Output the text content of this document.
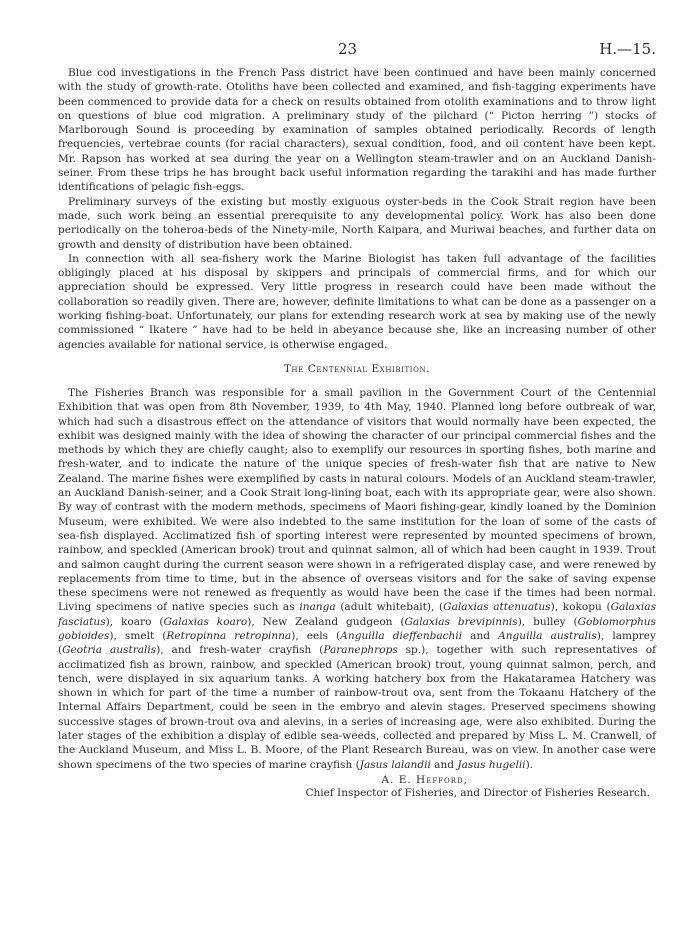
23	H.—15.

Blue cod investigations in the French Pass district have been continued and have been mainly concerned with the study of growth-rate. Otoliths have been collected and examined, and fish-tagging experiments have been commenced to provide data for a check on results obtained from otolith examinations and to throw light on questions of blue cod migration. A preliminary study of the pilchard (“ Picton herring ”) stocks of Marlborough Sound is proceeding by examination of samples obtained periodically. Records of length frequencies, vertebrae counts (for racial characters), sexual condition, food, and oil content have been kept. Mr. Rapson has worked at sea during the year on a Wellington steam-trawler and on an Auckland Danish-seiner. From these trips he has brought back useful information regarding the tarakihi and has made further identifications of pelagic fish-eggs.

Preliminary surveys of the existing but mostly exiguous oyster-beds in the Cook Strait region have been made, such work being an essential prerequisite to any developmental policy. Work has also been done periodically on the toheroa-beds of the Ninety-mile, North Kaipara, and Muriwai beaches, and further data on growth and density of distribution have been obtained.

In connection with all sea-fishery work the Marine Biologist has taken full advantage of the facilities obligingly placed at his disposal by skippers and principals of commercial firms, and for which our appreciation should be expressed. Very little progress in research could have been made without the collaboration so readily given. There are, however, definite limitations to what can be done as a passenger on a working fishing-boat. Unfortunately, our plans for extending research work at sea by making use of the newly commissioned “ Ikatere ” have had to be held in abeyance because she, like an increasing number of other agencies available for national service, is otherwise engaged.

The Centennial Exhibition.

The Fisheries Branch was responsible for a small pavilion in the Government Court of the Centennial Exhibition that was open from 8th November, 1939, to 4th May, 1940. Planned long before outbreak of war, which had such a disastrous effect on the attendance of visitors that would normally have been expected, the exhibit was designed mainly with the idea of showing the character of our principal commercial fishes and the methods by which they are chiefly caught; also to exemplify our resources in sporting fishes, both marine and fresh-water, and to indicate the nature of the unique species of fresh-water fish that are native to New Zealand. The marine fishes were exemplified by casts in natural colours. Models of an Auckland steam-trawler, an Auckland Danish-seiner, and a Cook Strait long-lining boat, each with its appropriate gear, were also shown. By way of contrast with the modern methods, specimens of Maori fishing-gear, kindly loaned by the Dominion Museum, were exhibited. We were also indebted to the same institution for the loan of some of the casts of sea-fish displayed. Acclimatized fish of sporting interest were represented by mounted specimens of brown, rainbow, and speckled (American brook) trout and quinnat salmon, all of which had been caught in 1939. Trout and salmon caught during the current season were shown in a refrigerated display case, and were renewed by replacements from time to time, but in the absence of overseas visitors and for the sake of saving expense these specimens were not renewed as frequently as would have been the case if the times had been normal. Living specimens of native species such as inanga (adult whitebait), (Galaxias attenuatus), kokopu (Galaxias fasciatus), koaro (Galaxias koaro), New Zealand gudgeon (Galaxias brevipinnis), bulley (Gobiomorphus gobioides), smelt (Retropinna retropinna), eels (Anguilla dieffenbachii and Anguilla australis), lamprey (Geotria australis), and fresh-water crayfish (Paranephrops sp.), together with such representatives of acclimatized fish as brown, rainbow, and speckled (American brook) trout, young quinnat salmon, perch, and tench, were displayed in six aquarium tanks. A working hatchery box from the Hakataramea Hatchery was shown in which for part of the time a number of rainbow-trout ova, sent from the Tokaanu Hatchery of the Internal Affairs Department, could be seen in the embryo and alevin stages. Preserved specimens showing successive stages of brown-trout ova and alevins, in a series of increasing age, were also exhibited. During the later stages of the exhibition a display of edible sea-weeds, collected and prepared by Miss L. M. Cranwell, of the Auckland Museum, and Miss L. B. Moore, of the Plant Research Bureau, was on view. In another case were shown specimens of the two species of marine crayfish (Jasus lalandii and Jasus hugelii).

A. E. Hefford,
Chief Inspector of Fisheries, and Director of Fisheries Research.
